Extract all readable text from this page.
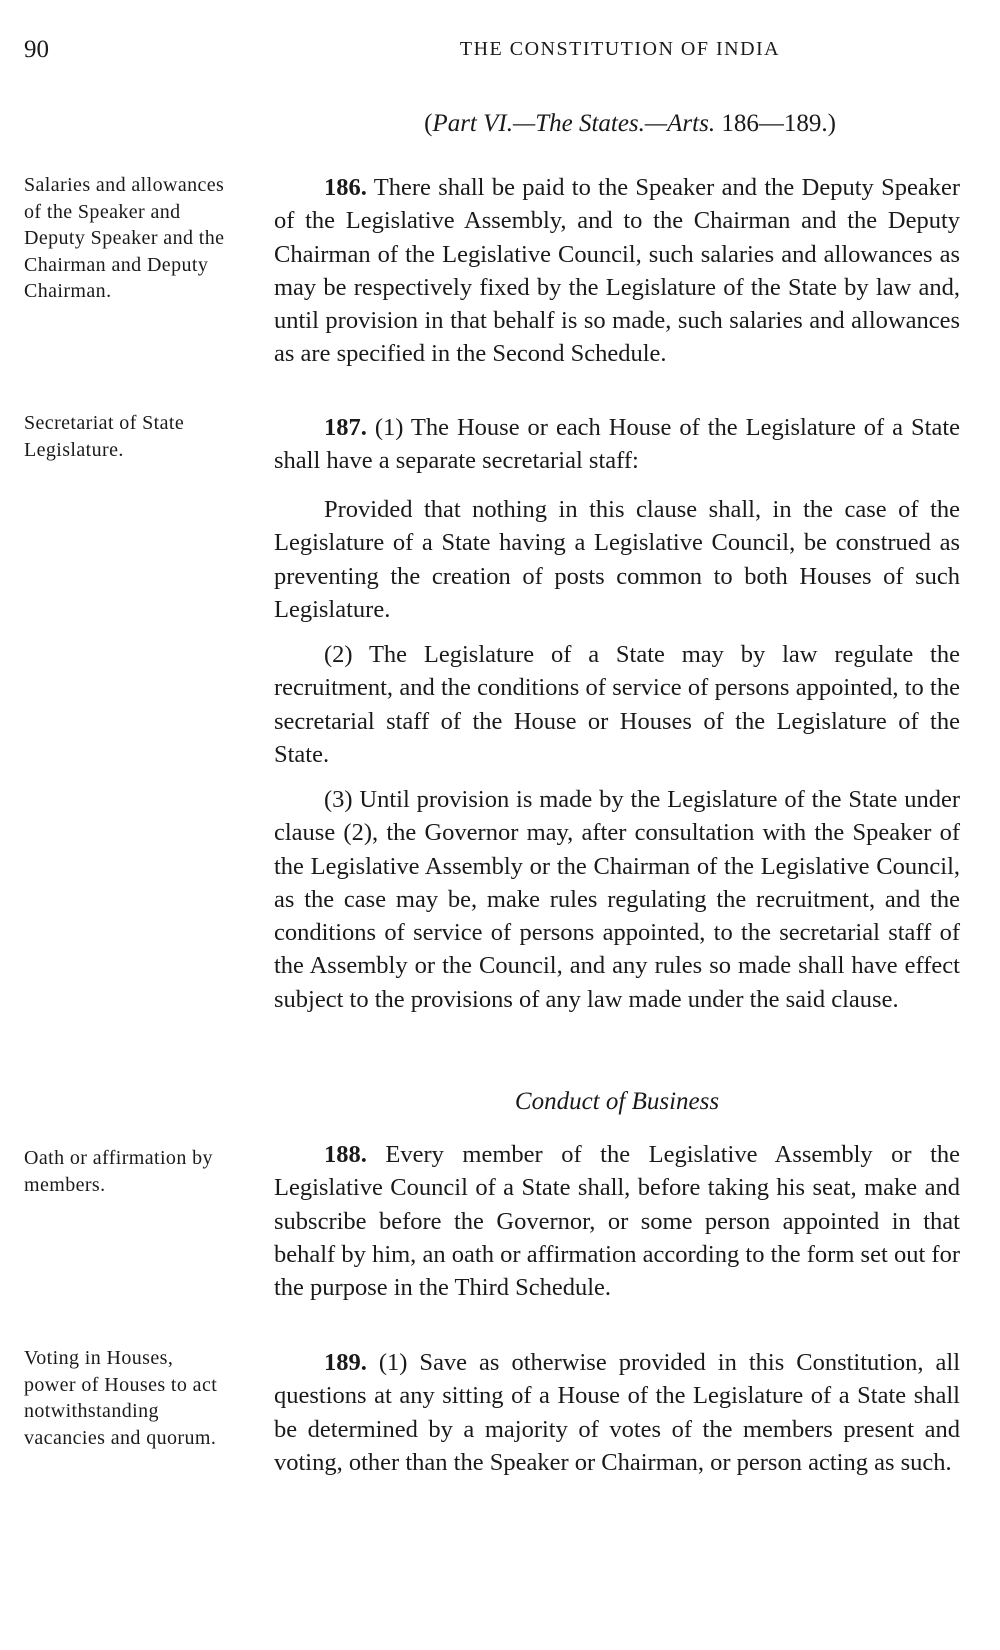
90	THE CONSTITUTION OF INDIA
(Part VI.—The States.—Arts. 186—189.)
Salaries and allowances of the Speaker and Deputy Speaker and the Chairman and Deputy Chairman.
Secretariat of State Legislature.
Oath or affirmation by members.
Voting in Houses, power of Houses to act notwithstanding vacancies and quorum.

186. There shall be paid to the Speaker and the Deputy Speaker of the Legislative Assembly, and to the Chairman and the Deputy Chairman of the Legislative Council, such salaries and allowances as may be respectively fixed by the Legislature of the State by law and, until provision in that behalf is so made, such salaries and allowances as are specified in the Second Schedule.

187. (1) The House or each House of the Legislature of a State shall have a separate secretarial staff:

Provided that nothing in this clause shall, in the case of the Legislature of a State having a Legislative Council, be construed as preventing the creation of posts common to both Houses of such Legislature.

(2) The Legislature of a State may by law regulate the recruitment, and the conditions of service of persons appointed, to the secretarial staff of the House or Houses of the Legislature of the State.

(3) Until provision is made by the Legislature of the State under clause (2), the Governor may, after consultation with the Speaker of the Legislative Assembly or the Chairman of the Legislative Council, as the case may be, make rules regulating the recruitment, and the conditions of service of persons appointed, to the secretarial staff of the Assembly or the Council, and any rules so made shall have effect subject to the provisions of any law made under the said clause.

Conduct of Business

188. Every member of the Legislative Assembly or the Legislative Council of a State shall, before taking his seat, make and subscribe before the Governor, or some person appointed in that behalf by him, an oath or affirmation according to the form set out for the purpose in the Third Schedule.

189. (1) Save as otherwise provided in this Constitution, all questions at any sitting of a House of the Legislature of a State shall be determined by a majority of votes of the members present and voting, other than the Speaker or Chairman, or person acting as such.
